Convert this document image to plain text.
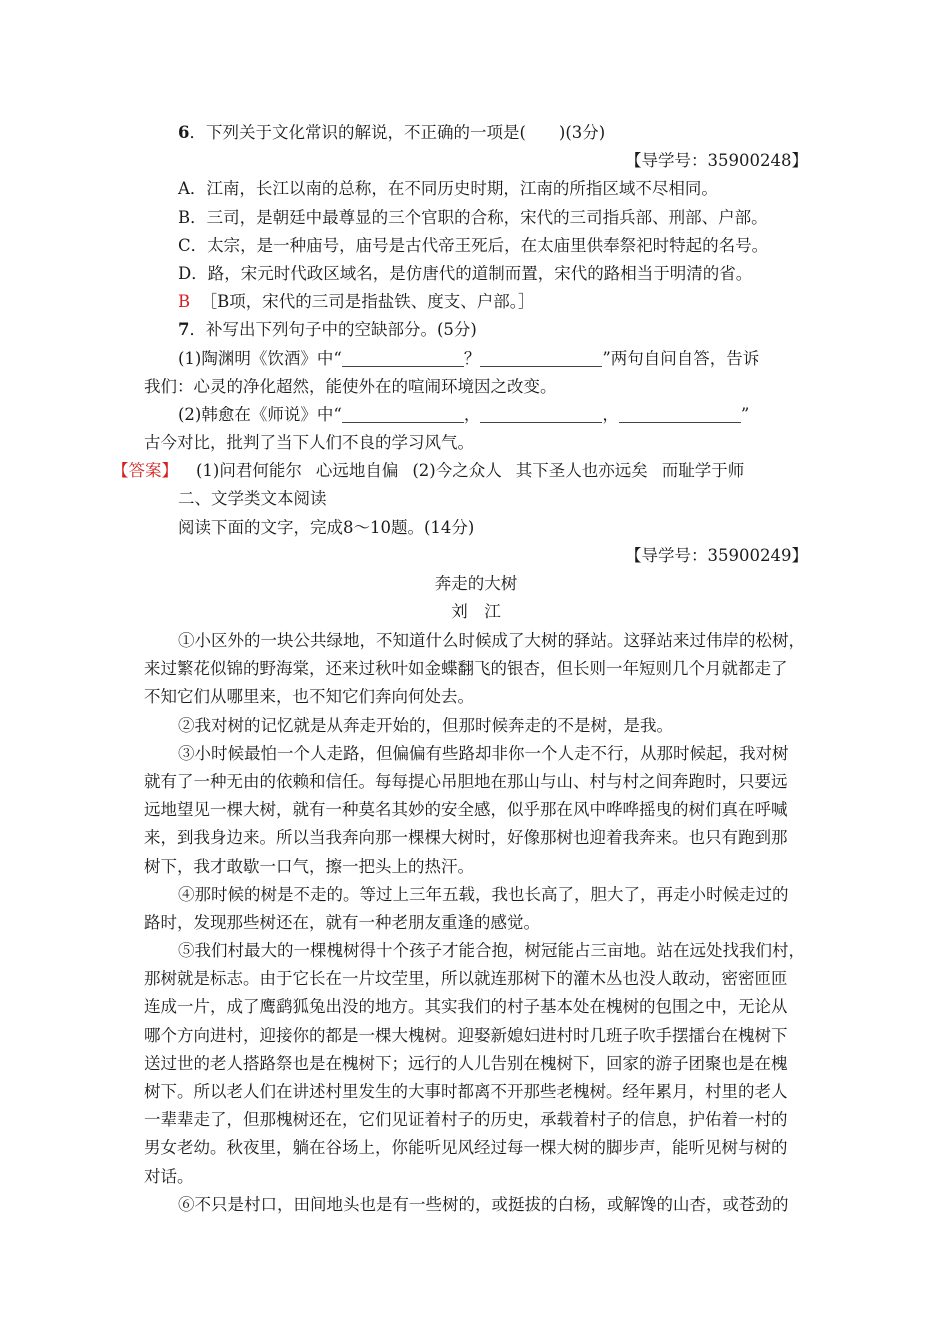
6．下列关于文化常识的解说，不正确的一项是(　　)(3分)
【导学号：35900248】
A．江南，长江以南的总称，在不同历史时期，江南的所指区域不尽相同。
B．三司，是朝廷中最尊显的三个官职的合称，宋代的三司指兵部、刑部、户部。
C．太宗，是一种庙号，庙号是古代帝王死后，在太庙里供奉祭祀时特起的名号。
D．路，宋元时代政区域名，是仿唐代的道制而置，宋代的路相当于明清的省。
B ［B项，宋代的三司是指盐铁、度支、户部。］
7．补写出下列句子中的空缺部分。(5分)
(1)陶渊明《饮酒》中“	？	”两句自问自答，告诉
我们：心灵的净化超然，能使外在的喧闹环境因之改变。
(2)韩愈在《师说》中“	，	，	”
古今对比，批判了当下人们不良的学习风气。
【答案】 (1)问君何能尔 心远地自偏 (2)今之众人 其下圣人也亦远矣 而耻学于师
二、文学类文本阅读
阅读下面的文字，完成8～10题。(14分)
【导学号：35900249】
奔走的大树
刘　江
①小区外的一块公共绿地，不知道什么时候成了大树的驿站。这驿站来过伟岸的松树，
来过繁花似锦的野海棠，还来过秋叶如金蝶翻飞的银杏，但长则一年短则几个月就都走了
不知它们从哪里来，也不知它们奔向何处去。
②我对树的记忆就是从奔走开始的，但那时候奔走的不是树，是我。
③小时候最怕一个人走路，但偏偏有些路却非你一个人走不行，从那时候起，我对树
就有了一种无由的依赖和信任。每每提心吊胆地在那山与山、村与村之间奔跑时，只要远
远地望见一棵大树，就有一种莫名其妙的安全感，似乎那在风中哗哗摇曳的树们真在呼喊
来，到我身边来。所以当我奔向那一棵棵大树时，好像那树也迎着我奔来。也只有跑到那
树下，我才敢歇一口气，擦一把头上的热汗。
④那时候的树是不走的。等过上三年五载，我也长高了，胆大了，再走小时候走过的
路时，发现那些树还在，就有一种老朋友重逢的感觉。
⑤我们村最大的一棵槐树得十个孩子才能合抱，树冠能占三亩地。站在远处找我们村，
那树就是标志。由于它长在一片坟茔里，所以就连那树下的灌木丛也没人敢动，密密匝匝
连成一片，成了鹰鹞狐兔出没的地方。其实我们的村子基本处在槐树的包围之中，无论从
哪个方向进村，迎接你的都是一棵大槐树。迎娶新媳妇进村时几班子吹手摆擂台在槐树下
送过世的老人搭路祭也是在槐树下；远行的人儿告别在槐树下，回家的游子团聚也是在槐
树下。所以老人们在讲述村里发生的大事时都离不开那些老槐树。经年累月，村里的老人
一辈辈走了，但那槐树还在，它们见证着村子的历史，承载着村子的信息，护佑着一村的
男女老幼。秋夜里，躺在谷场上，你能听见风经过每一棵大树的脚步声，能听见树与树的
对话。
⑥不只是村口，田间地头也是有一些树的，或挺拔的白杨，或解馋的山杏，或苍劲的
